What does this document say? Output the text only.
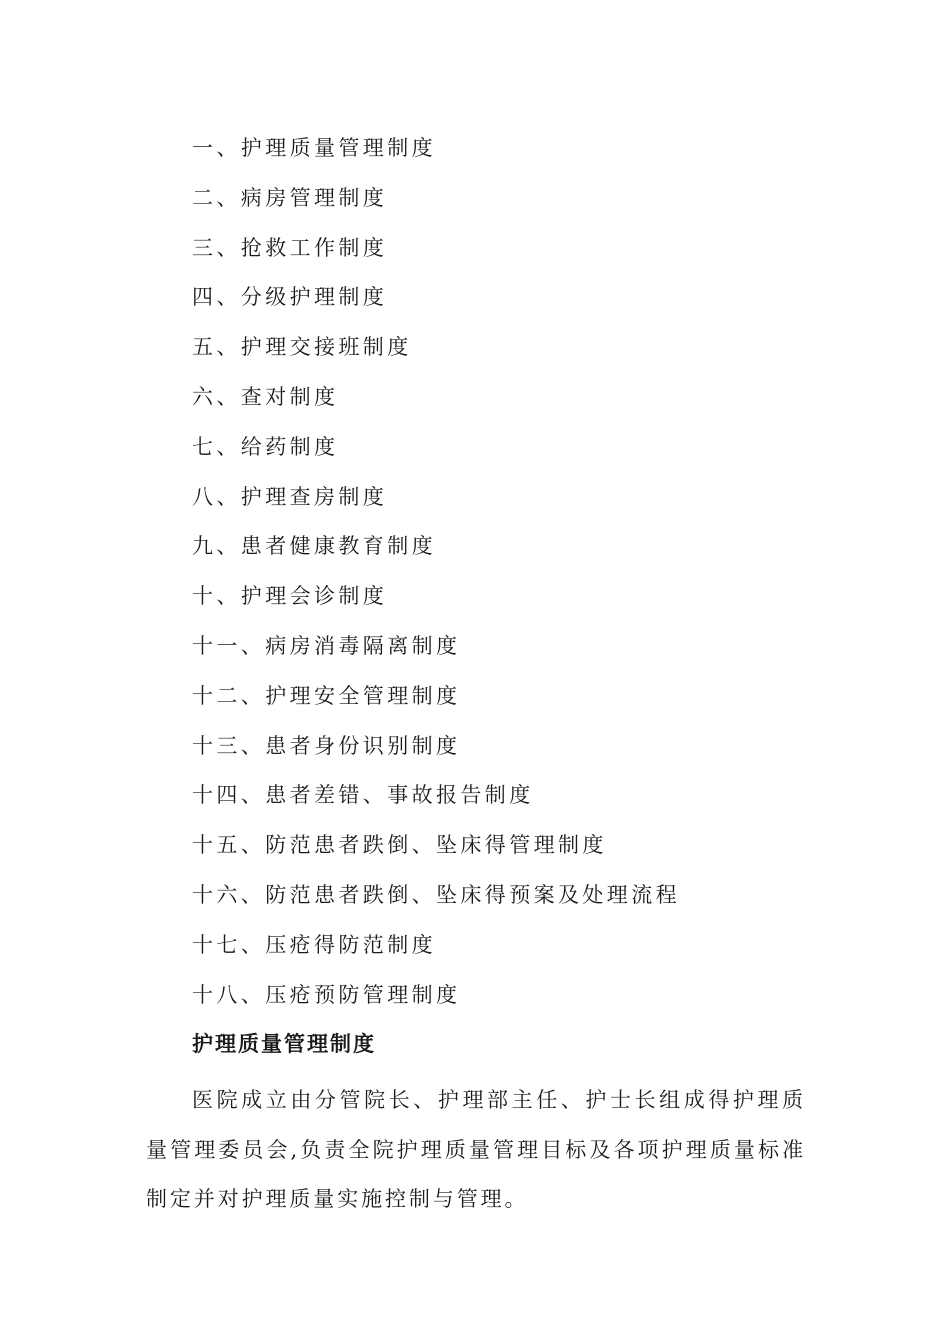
一、护理质量管理制度
二、病房管理制度
三、抢救工作制度
四、分级护理制度
五、护理交接班制度
六、查对制度
七、给药制度
八、护理查房制度
九、患者健康教育制度
十、护理会诊制度
十一、病房消毒隔离制度
十二、护理安全管理制度
十三、患者身份识别制度
十四、患者差错、事故报告制度
十五、防范患者跌倒、坠床得管理制度
十六、防范患者跌倒、坠床得预案及处理流程
十七、压疮得防范制度
十八、压疮预防管理制度
护理质量管理制度

医院成立由分管院长、护理部主任、护士长组成得护理质量管理委员会,负责全院护理质量管理目标及各项护理质量标准制定并对护理质量实施控制与管理。
